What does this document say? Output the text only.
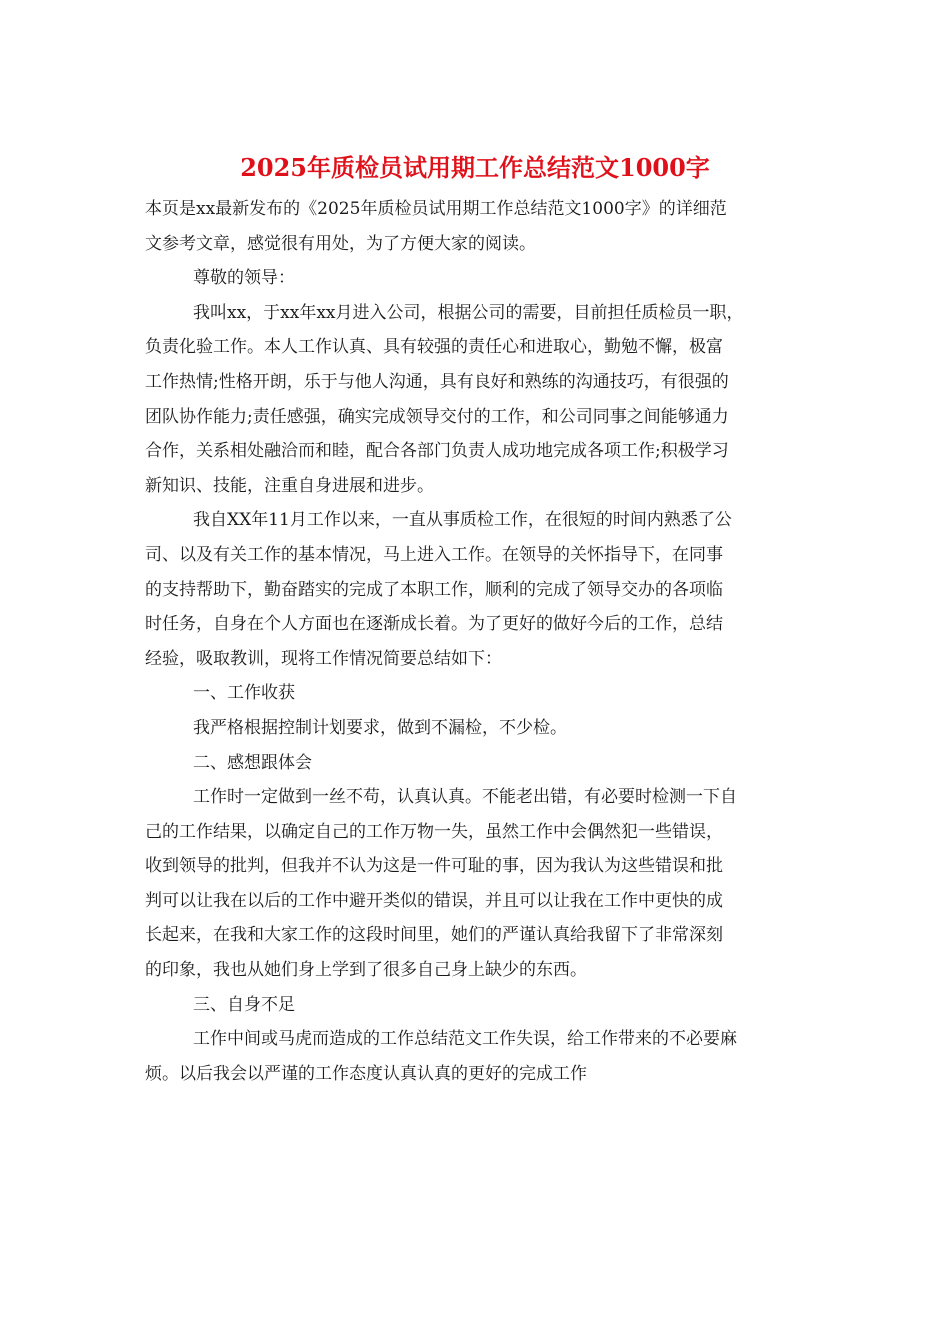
2025年质检员试用期工作总结范文1000字

本页是xx最新发布的《2025年质检员试用期工作总结范文1000字》的详细范

文参考文章，感觉很有用处，为了方便大家的阅读。

尊敬的领导：

我叫xx，于xx年xx月进入公司，根据公司的需要，目前担任质检员一职，

负责化验工作。本人工作认真、具有较强的责任心和进取心，勤勉不懈，极富

工作热情;性格开朗，乐于与他人沟通，具有良好和熟练的沟通技巧，有很强的

团队协作能力;责任感强，确实完成领导交付的工作，和公司同事之间能够通力

合作，关系相处融洽而和睦，配合各部门负责人成功地完成各项工作;积极学习

新知识、技能，注重自身进展和进步。

我自XX年11月工作以来，一直从事质检工作，在很短的时间内熟悉了公

司、以及有关工作的基本情况，马上进入工作。在领导的关怀指导下，在同事

的支持帮助下，勤奋踏实的完成了本职工作，顺利的完成了领导交办的各项临

时任务，自身在个人方面也在逐渐成长着。为了更好的做好今后的工作，总结

经验，吸取教训，现将工作情况简要总结如下：

一、工作收获

我严格根据控制计划要求，做到不漏检，不少检。

二、感想跟体会

工作时一定做到一丝不苟，认真认真。不能老出错，有必要时检测一下自

己的工作结果，以确定自己的工作万物一失，虽然工作中会偶然犯一些错误，

收到领导的批判，但我并不认为这是一件可耻的事，因为我认为这些错误和批

判可以让我在以后的工作中避开类似的错误，并且可以让我在工作中更快的成

长起来，在我和大家工作的这段时间里，她们的严谨认真给我留下了非常深刻

的印象，我也从她们身上学到了很多自己身上缺少的东西。

三、自身不足

工作中间或马虎而造成的工作总结范文工作失误，给工作带来的不必要麻

烦。以后我会以严谨的工作态度认真认真的更好的完成工作
